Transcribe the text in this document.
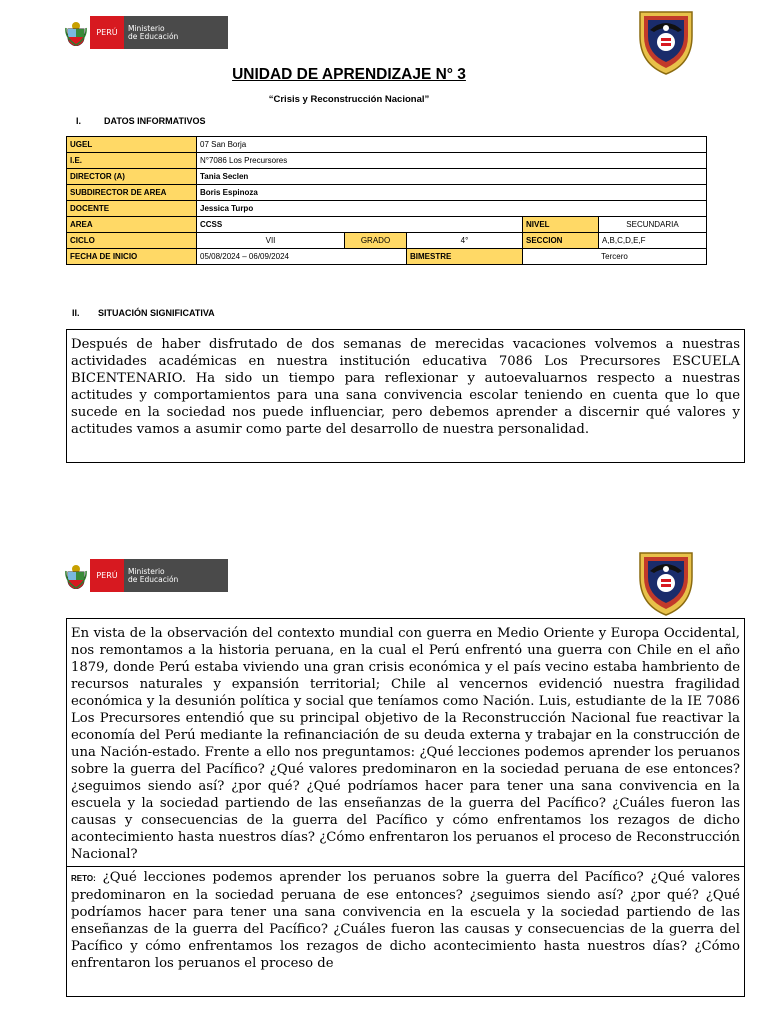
PERÚ	Ministerio
de Educación
UNIDAD DE APRENDIZAJE N° 3
“Crisis y Reconstrucción Nacional”
I.	DATOS INFORMATIVOS
UGEL	07 San Borja				
I.E.	N°7086 Los Precursores				
DIRECTOR (A)	Tania Seclen				
SUBDIRECTOR DE AREA	Boris Espinoza				
DOCENTE	Jessica Turpo				
AREA	CCSS			NIVEL	SECUNDARIA
CICLO	VII	GRADO	4°	SECCION	A,B,C,D,E,F
FECHA DE INICIO	05/08/2024 – 06/09/2024		BIMESTRE	Tercero	
II. SITUACIÓN SIGNIFICATIVA
Después de haber disfrutado de dos semanas de merecidas vacaciones volvemos a nuestras actividades académicas en nuestra institución educativa 7086 Los Precursores ESCUELA BICENTENARIO. Ha sido un tiempo para reflexionar y autoevaluarnos respecto a nuestras actitudes y comportamientos para una sana convivencia escolar teniendo en cuenta que lo que sucede en la sociedad nos puede influenciar, pero debemos aprender a discernir qué valores y actitudes vamos a asumir como parte del desarrollo de nuestra personalidad.
PERÚ	Ministerio
de Educación
En vista de la observación del contexto mundial con guerra en Medio Oriente y Europa Occidental, nos remontamos a la historia peruana, en la cual el Perú enfrentó una guerra con Chile en el año 1879, donde Perú estaba viviendo una gran crisis económica y el país vecino estaba hambriento de recursos naturales y expansión territorial; Chile al vencernos evidenció nuestra fragilidad económica y la desunión política y social que teníamos como Nación. Luis, estudiante de la IE 7086 Los Precursores entendió que su principal objetivo de la Reconstrucción Nacional fue reactivar la economía del Perú mediante la refinanciación de su deuda externa y trabajar en la construcción de una Nación-estado. Frente a ello nos preguntamos: ¿Qué lecciones podemos aprender los peruanos sobre la guerra del Pacífico? ¿Qué valores predominaron en la sociedad peruana de ese entonces? ¿seguimos siendo así? ¿por qué? ¿Qué podríamos hacer para tener una sana convivencia en la escuela y la sociedad partiendo de las enseñanzas de la guerra del Pacífico? ¿Cuáles fueron las causas y consecuencias de la guerra del Pacífico y cómo enfrentamos los rezagos de dicho acontecimiento hasta nuestros días? ¿Cómo enfrentaron los peruanos el proceso de Reconstrucción Nacional?
RETO: ¿Qué lecciones podemos aprender los peruanos sobre la guerra del Pacífico? ¿Qué valores predominaron en la sociedad peruana de ese entonces? ¿seguimos siendo así? ¿por qué? ¿Qué podríamos hacer para tener una sana convivencia en la escuela y la sociedad partiendo de las enseñanzas de la guerra del Pacífico? ¿Cuáles fueron las causas y consecuencias de la guerra del Pacífico y cómo enfrentamos los rezagos de dicho acontecimiento hasta nuestros días? ¿Cómo enfrentaron los peruanos el proceso de
